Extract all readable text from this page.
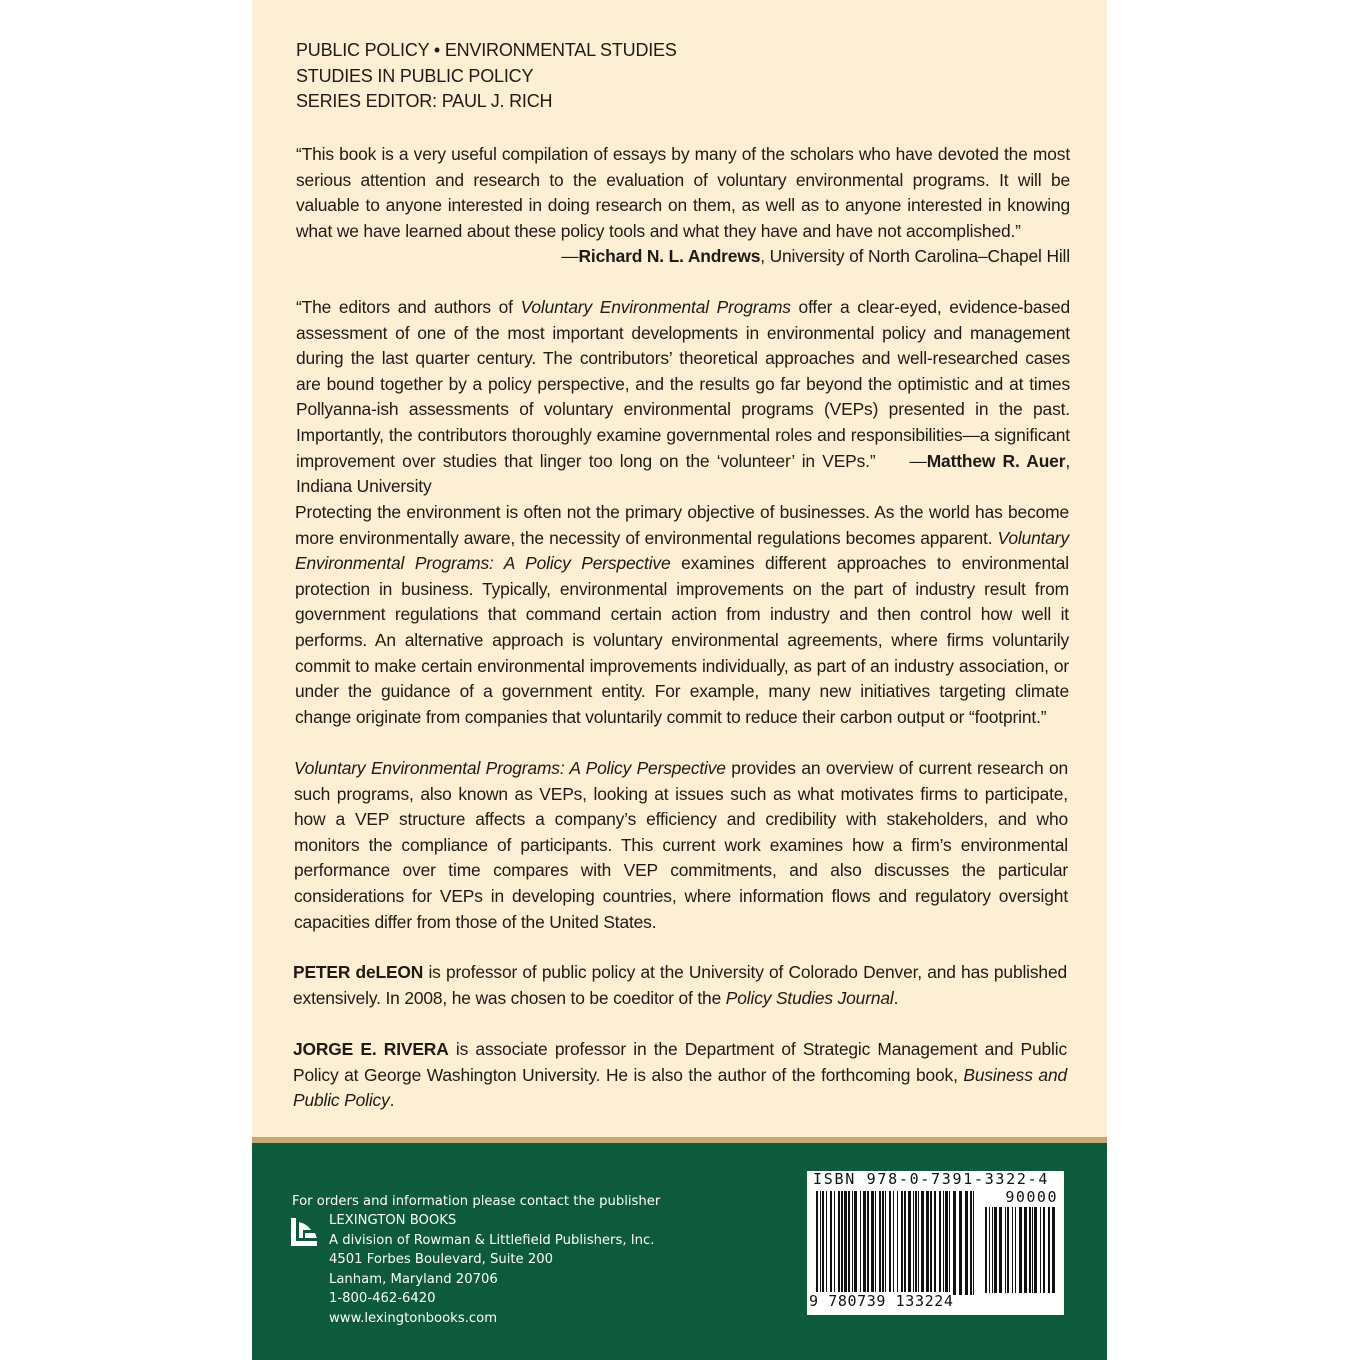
PUBLIC POLICY • ENVIRONMENTAL STUDIES
STUDIES IN PUBLIC POLICY
SERIES EDITOR: PAUL J. RICH
“This book is a very useful compilation of essays by many of the scholars who have devoted the most serious attention and research to the evaluation of voluntary environmental programs. It will be valuable to anyone interested in doing research on them, as well as to anyone interested in knowing what we have learned about these policy tools and what they have and have not accomplished.”
—Richard N. L. Andrews, University of North Carolina–Chapel Hill
“The editors and authors of Voluntary Environmental Programs offer a clear-eyed, evidence-based assessment of one of the most important developments in environmental policy and management during the last quarter century. The contributors’ theoretical approaches and well-researched cases are bound together by a policy perspective, and the results go far beyond the optimistic and at times Pollyanna-ish assessments of voluntary environmental programs (VEPs) presented in the past. Importantly, the contributors thoroughly examine governmental roles and responsibilities—a significant improvement over studies that linger too long on the ‘volunteer’ in VEPs.” —Matthew R. Auer, Indiana University
Protecting the environment is often not the primary objective of businesses. As the world has become more environmentally aware, the necessity of environmental regulations becomes apparent. Voluntary Environmental Programs: A Policy Perspective examines different approaches to environmental protection in business. Typically, environmental improvements on the part of industry result from government regulations that command certain action from industry and then control how well it performs. An alternative approach is voluntary environmental agreements, where firms voluntarily commit to make certain environmental improvements individually, as part of an industry association, or under the guidance of a government entity. For example, many new initiatives targeting climate change originate from companies that voluntarily commit to reduce their carbon output or “footprint.”
Voluntary Environmental Programs: A Policy Perspective provides an overview of current research on such programs, also known as VEPs, looking at issues such as what motivates firms to participate, how a VEP structure affects a company’s efficiency and credibility with stakeholders, and who monitors the compliance of participants. This current work examines how a firm’s environmental performance over time compares with VEP commitments, and also discusses the particular considerations for VEPs in developing countries, where information flows and regulatory oversight capacities differ from those of the United States.
PETER deLEON is professor of public policy at the University of Colorado Denver, and has published extensively. In 2008, he was chosen to be coeditor of the Policy Studies Journal.
JORGE E. RIVERA is associate professor in the Department of Strategic Management and Public Policy at George Washington University. He is also the author of the forthcoming book, Business and Public Policy.
For orders and information please contact the publisher
LEXINGTON BOOKS
A division of Rowman & Littlefield Publishers, Inc.
4501 Forbes Boulevard, Suite 200
Lanham, Maryland 20706
1-800-462-6420
www.lexingtonbooks.com
ISBN 978-0-7391-3322-4
90000
9 780739 133224
